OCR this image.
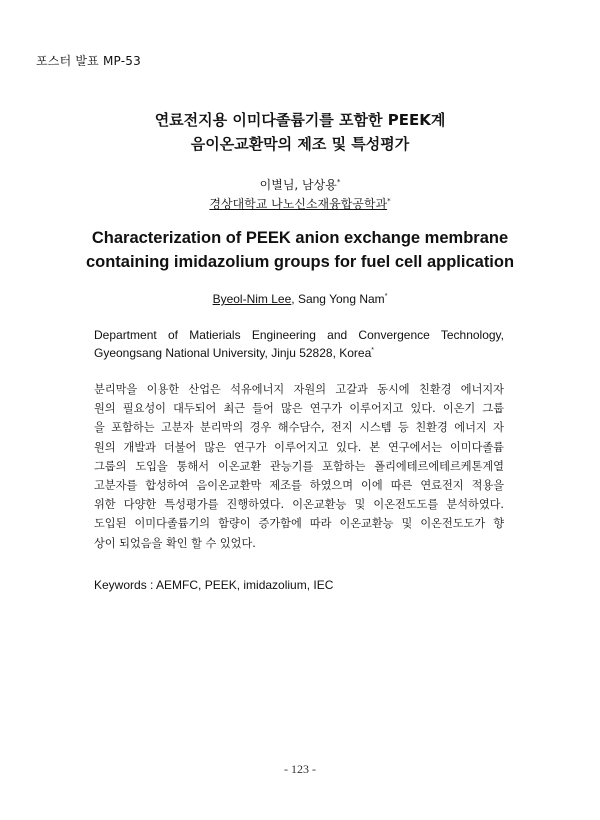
포스터 발표 MP-53
연료전지용 이미다졸륨기를 포함한 PEEK계
음이온교환막의 제조 및 특성평가
이별님, 남상용*
경상대학교 나노신소재융합공학과*
Characterization of PEEK anion exchange membrane
containing imidazolium groups for fuel cell application
Byeol-Nim Lee, Sang Yong Nam*
Department of Matierials Engineering and Convergence Technology,
Gyeongsang National University, Jinju 52828, Korea*
분리막을 이용한 산업은 석유에너지 자원의 고갈과 동시에 친환경 에너지자
원의 필요성이 대두되어 최근 들어 많은 연구가 이루어지고 있다. 이온기 그룹
을 포함하는 고분자 분리막의 경우 해수담수, 전지 시스템 등 친환경 에너지 자
원의 개발과 더불어 많은 연구가 이루어지고 있다. 본 연구에서는 이미다졸륨
그룹의 도입을 통해서 이온교환 관능기를 포함하는 폴리에테르에테르케톤계열
고분자를 합성하여 음이온교환막 제조를 하였으며 이에 따른 연료전지 적용을
위한 다양한 특성평가를 진행하였다. 이온교환능 및 이온전도도를 분석하였다.
도입된 이미다졸륨기의 함량이 증가함에 따라 이온교환능 및 이온전도도가 향
상이 되었음을 확인 할 수 있었다.
Keywords : AEMFC, PEEK, imidazolium, IEC
- 123 -
